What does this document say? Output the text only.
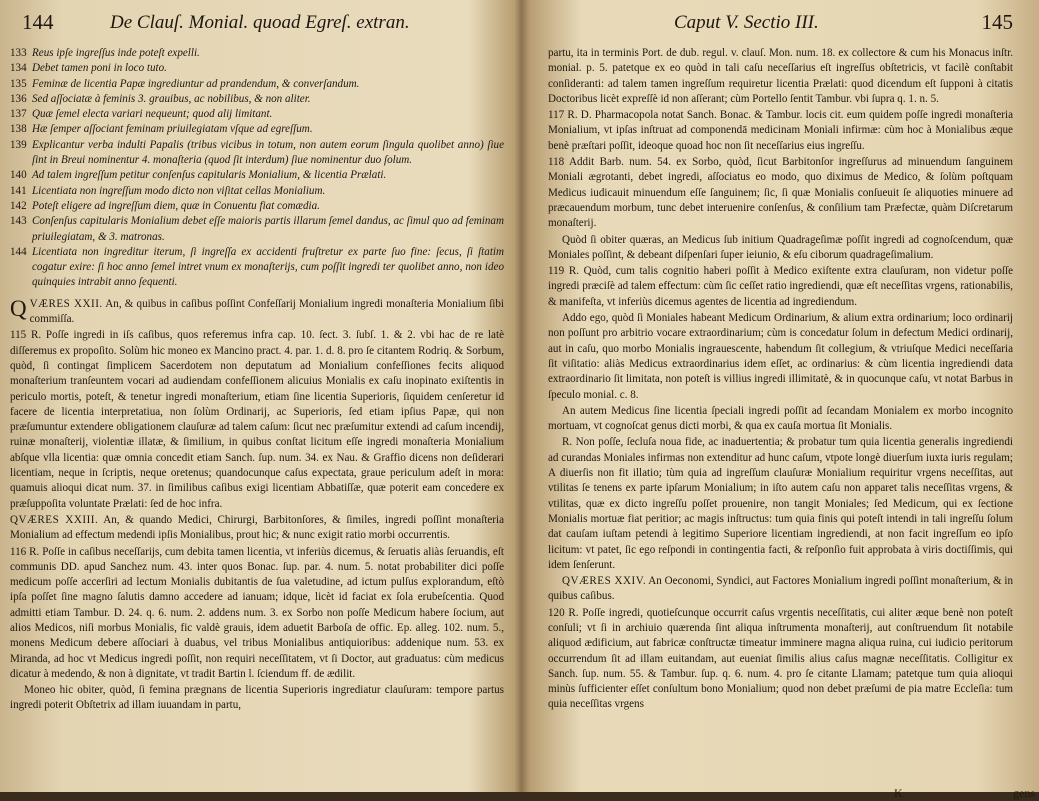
144	De Clauſ. Monial. quoad Egreſ. extran.
133 Reus ipſe ingreſſus inde poteſt expelli.
134 Debet tamen poni in loco tuto.
135 Feminæ de licentia Papæ ingrediuntur ad prandendum, & converſandum.
136 Sed aſſociatæ à feminis 3. grauibus, ac nobilibus, & non aliter.
137 Quæ ſemel electa variari nequeunt; quod alij limitant.
138 Hæ ſemper aſſociant feminam priuilegiatam vſque ad egreſſum.
139 Explicantur verba indulti Papalis (tribus vicibus in totum, non autem eorum ſingula quolibet anno) ſiue ſint in Breui nominentur 4. monaſteria (quod ſit interdum) ſiue nominentur duo ſolum.
140 Ad talem ingreſſum petitur conſenſus capitularis Monialium, & licentia Prælati.
141 Licentiata non ingreſſum modo dicto non viſitat cellas Monialium.
142 Poteſt eligere ad ingreſſum diem, quæ in Conuentu fiat comædia.
143 Conſenſus capitularis Monialium debet eſſe maioris partis illarum ſemel dandus, ac ſimul quo ad feminam priuilegiatam, & 3. matronas.
144 Licentiata non ingreditur iterum, ſi ingreſſa ex accidenti fruſtretur ex parte ſuo fine: ſecus, ſi ſtatim cogatur exire: ſi hoc anno ſemel intret vnum ex monaſterijs, cum poſſit ingredi ter quolibet anno, non ideo quinquies intrabit anno ſequenti.

QVÆRES XXII. An, & quibus in caſibus poſſint Confeſſarij Monialium ingredi monaſteria Monialium ſibi commiſſa.

115 R. Poſſe ingredi in iſs caſibus, quos referemus infra cap. 10. ſect. 3. ſubſ. 1. & 2. vbi hac de re latè diſſeremus ex propoſito. Solùm hic moneo ex Mancino pract. 4. par. 1. d. 8. pro ſe citantem Rodriq. & Sorbum, quòd, ſi contingat ſimplicem Sacerdotem non deputatum ad Monialium confeſſiones fecits aliquod monaſterium tranſeuntem vocari ad audiendam confeſſionem alicuius Monialis ex caſu inopinato exiſtentis in periculo mortis, poteſt, & tenetur ingredi monaſterium, etiam ſine licentia Superioris, ſiquidem cenſeretur id facere de licentia interpretatiua, non ſolùm Ordinarij, ac Superioris, ſed etiam ipſius Papæ, qui non præſumuntur extendere obligationem clauſuræ ad talem caſum: ſicut nec præſumitur extendi ad caſum incendij, ruinæ monaſterij, violentiæ illatæ, & ſimilium, in quibus conſtat licitum eſſe ingredi monaſteria Monialium abſque vlla licentia: quæ omnia concedit etiam Sanch. ſup. num. 34. ex Nau. & Graffio dicens non deſiderari licentiam, neque in ſcriptis, neque oretenus; quandocunque caſus expectata, graue periculum adeſt in mora: quamuis alioqui dicat num. 37. in ſimilibus caſibus exigi licentiam Abbatiſſæ, quæ poterit eam concedere ex præſuppoſita voluntate Prælati: ſed de hoc infra.

QVÆRES XXIII. An, & quando Medici, Chirurgi, Barbitonſores, & ſimiles, ingredi poſſint monaſteria Monialium ad effectum medendi ipſis Monialibus, prout hic; & nunc exigit ratio morbi occurrentis.

116 R. Poſſe in caſibus neceſſarijs, cum debita tamen licentia, vt inferiùs dicemus, & ſeruatis aliàs ſeruandis, eſt communis DD. apud Sanchez num. 43. inter quos Bonac. ſup. par. 4. num. 5. notat probabiliter dici poſſe medicum poſſe accerſiri ad lectum Monialis dubitantis de ſua valetudine, ad ictum pulſus explorandum, eſtò ipſa poſſet ſine magno ſalutis damno accedere ad ianuam; idque, licèt id faciat ex ſola erubeſcentia. Quod admitti etiam Tambur. D. 24. q. 6. num. 2. addens num. 3. ex Sorbo non poſſe Medicum habere ſocium, aut alios Medicos, niſi morbus Monialis, fic valdè grauis, idem aduetit Barboſa de offic. Ep. alleg. 102. num. 5., monens Medicum debere aſſociari à duabus, vel tribus Monialibus antiquioribus: addenique num. 53. ex Miranda, ad hoc vt Medicus ingredi poſſit, non requiri neceſſitatem, vt ſi Doctor, aut graduatus: cùm medicus dicatur à medendo, & non à dignitate, vt tradit Bartin l. ſciendum ff. de ædilit.

Moneo hic obiter, quòd, ſi femina prægnans de licentia Superioris ingrediatur clauſuram: tempore partus ingredi poterit Obſtetrix ad illam iuuandam in partu,

Caput V. Sectio III.	145

partu, ita in terminis Port. de dub. regul. v. clauſ. Mon. num. 18. ex collectore & cum his Monacus inſtr. monial. p. 5. patetque ex eo quòd in tali caſu neceſſarius eſt ingreſſus obſtetricis, vt facilè conſtabit conſideranti: ad talem tamen ingreſſum requiretur licentia Prælati: quod dicendum eſt ſupponi à citatis Doctoribus licèt expreſſè id non aſſerant; cùm Portello ſentit Tambur. vbi ſupra q. 1. n. 5.

117 R. D. Pharmacopola notat Sanch. Bonac. & Tambur. locis cit. eum quidem poſſe ingredi monaſteria Monialium, vt ipſas inſtruat ad componendā medicinam Moniali infirmæ: cùm hoc à Monialibus æque benè præſtari poſſit, ideoque quoad hoc non ſit neceſſarius eius ingreſſu.

118 Addit Barb. num. 54. ex Sorbo, quòd, ſicut Barbitonſor ingreſſurus ad minuendum ſanguinem Moniali ægrotanti, debet ingredi, aſſociatus eo modo, quo diximus de Medico, & ſolùm poſtquam Medicus iudicauit minuendum eſſe ſanguinem; ſic, ſi quæ Monialis conſueuit ſe aliquoties minuere ad præcauendum morbum, tunc debet interuenire conſenſus, & conſilium tam Præfectæ, quàm Diſcretarum monaſterij.

Quòd ſi obiter quæras, an Medicus ſub initium Quadrageſimæ poſſit ingredi ad cognoſcendum, quæ Moniales poſſint, & debeant diſpenſari ſuper ieiunio, & eſu ciborum quadrageſimalium.

119 R. Quòd, cum talis cognitio haberi poſſit à Medico exiſtente extra clauſuram, non videtur poſſe ingredi præciſè ad talem effectum: cùm ſic ceſſet ratio ingrediendi, quæ eſt neceſſitas vrgens, rationabilis, & manifeſta, vt inferiùs dicemus agentes de licentia ad ingrediendum.

Addo ego, quòd ſi Moniales habeant Medicum Ordinarium, & alium extra ordinarium; loco ordinarij non poſſunt pro arbitrio vocare extraordinarium; cùm is concedatur ſolum in defectum Medici ordinarij, aut in caſu, quo morbo Monialis ingrauescente, habendum ſit collegium, & vtriuſque Medici neceſſaria ſit viſitatio: aliàs Medicus extraordinarius idem eſſet, ac ordinarius: & cùm licentia ingrediendi data extraordinario ſit limitata, non poteſt is villius ingredi illimitatè, & in quocunque caſu, vt notat Barbus in ſpeculo monial. c. 8.

An autem Medicus ſine licentia ſpeciali ingredi poſſit ad ſecandam Monialem ex morbo incognito mortuam, vt cognoſcat genus dicti morbi, & qua ex cauſa mortua ſit Monialis.

R. Non poſſe, ſecluſa noua fide, ac inaduertentia; & probatur tum quia licentia generalis ingrediendi ad curandas Moniales infirmas non extenditur ad hunc caſum, vtpote longè diuerſum iuxta iuris regulam; A diuerſis non fit illatio; tùm quia ad ingreſſum clauſuræ Monialium requiritur vrgens neceſſitas, aut vtilitas ſe tenens ex parte ipſarum Monialium; in iſto autem caſu non apparet talis neceſſitas vrgens, & vtilitas, quæ ex dicto ingreſſu poſſet prouenire, non tangit Moniales; ſed Medicum, qui ex ſectione Monialis mortuæ fiat peritior; ac magis inſtructus: tum quia finis qui poteſt intendi in tali ingreſſu ſolum dat cauſam iuſtam petendi à legitimo Superiore licentiam ingrediendi, at non facit ingreſſum eo ipſo licitum: vt patet, ſic ego reſpondi in contingentia facti, & reſponſio fuit approbata à viris doctiſſimis, qui idem ſenſerunt.

QVÆRES XXIV. An Oeconomi, Syndici, aut Factores Monialium ingredi poſſint monaſterium, & in quibus caſibus.

120 R. Poſſe ingredi, quotieſcunque occurrit caſus vrgentis neceſſitatis, cui aliter æque benè non poteſt conſuli; vt ſi in archiuio quærenda ſint aliqua inſtrumenta monaſterij, aut conſtruendum ſit notabile aliquod ædificium, aut fabricæ conſtructæ timeatur imminere magna aliqua ruina, cui iudicio peritorum occurrendum ſit ad illam euitandam, aut eueniat ſimilis alius caſus magnæ neceſſitatis. Colligitur ex Sanch. ſup. num. 55. & Tambur. ſup. q. 6. num. 4. pro ſe citante Llamam; patetque tum quia alioqui minùs ſufficienter eſſet conſultum bono Monialium; quod non debet præſumi de pia matre Eccleſia: tum quia neceſſitas vrgens

K	gens
